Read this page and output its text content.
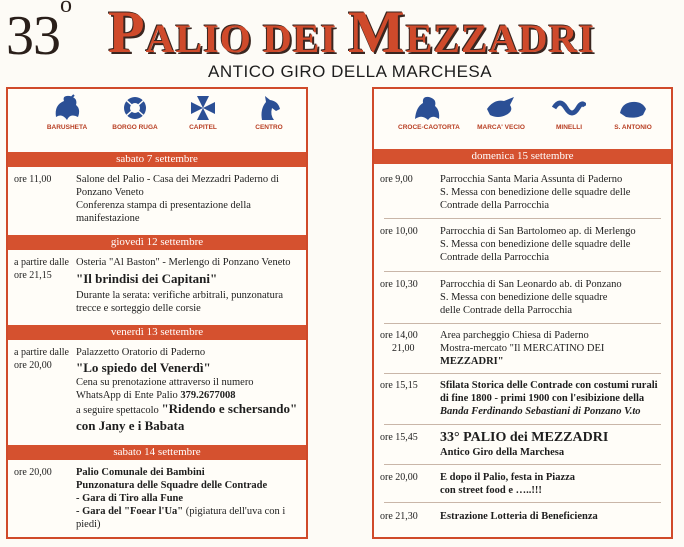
33$^o$ PALIO DEI MEZZADRI
ANTICO GIRO DELLA MARCHESA
BARUSHETA	BORGO RUGA	CAPITEL	CENTRO
sabato 7 settembre
ore 11,00	Salone del Palio - Casa dei Mezzadri Paderno di
Ponzano Veneto
Conferenza stampa di presentazione della
manifestazione
giovedì 12 settembre
a partire dalle
ore 21,15
Osteria "Al Baston" - Merlengo di Ponzano Veneto
"Il brindisi dei Capitani"
Durante la serata: verifiche arbitrali, punzonatura
trecce e sorteggio delle corsie
venerdì 13 settembre
a partire dalle
ore 20,00
Palazzetto Oratorio di Paderno
"Lo spiedo del Venerdì"
Cena su prenotazione attraverso il numero
WhatsApp di Ente Palio 379.2677008
a seguire spettacolo "Ridendo e schersando"
con Jany e i Babata
sabato 14 settembre
ore 20,00	Palio Comunale dei Bambini
Punzonatura delle Squadre delle Contrade
- Gara di Tiro alla Fune
- Gara del "Foear l'Ua" (pigiatura dell'uva con i
piedi)
CROCE-CAOTORTA	MARCA' VECIO	MINELLI	S. ANTONIO
domenica 15 settembre
ore 9,00	Parrocchia Santa Maria Assunta di Paderno
S. Messa con benedizione delle squadre delle
Contrade della Parrocchia
ore 10,00	Parrocchia di San Bartolomeo ap. di Merlengo
S. Messa con benedizione delle squadre delle
Contrade della Parrocchia
ore 10,30	Parrocchia di San Leonardo ab. di Ponzano
S. Messa con benedizione delle squadre
delle Contrade della Parrocchia
ore 14,00
21,00
Area parcheggio Chiesa di Paderno
Mostra-mercato "Il MERCATINO DEI
MEZZADRI"
ore 15,15	Sfilata Storica delle Contrade con costumi rurali
di fine 1800 - primi 1900 con l'esibizione della
Banda Ferdinando Sebastiani di Ponzano V.to
ore 15,45	33° PALIO dei MEZZADRI
Antico Giro della Marchesa
ore 20,00	E dopo il Palio, festa in Piazza
con street food e …..!!!
ore 21,30	Estrazione Lotteria di Beneficienza
